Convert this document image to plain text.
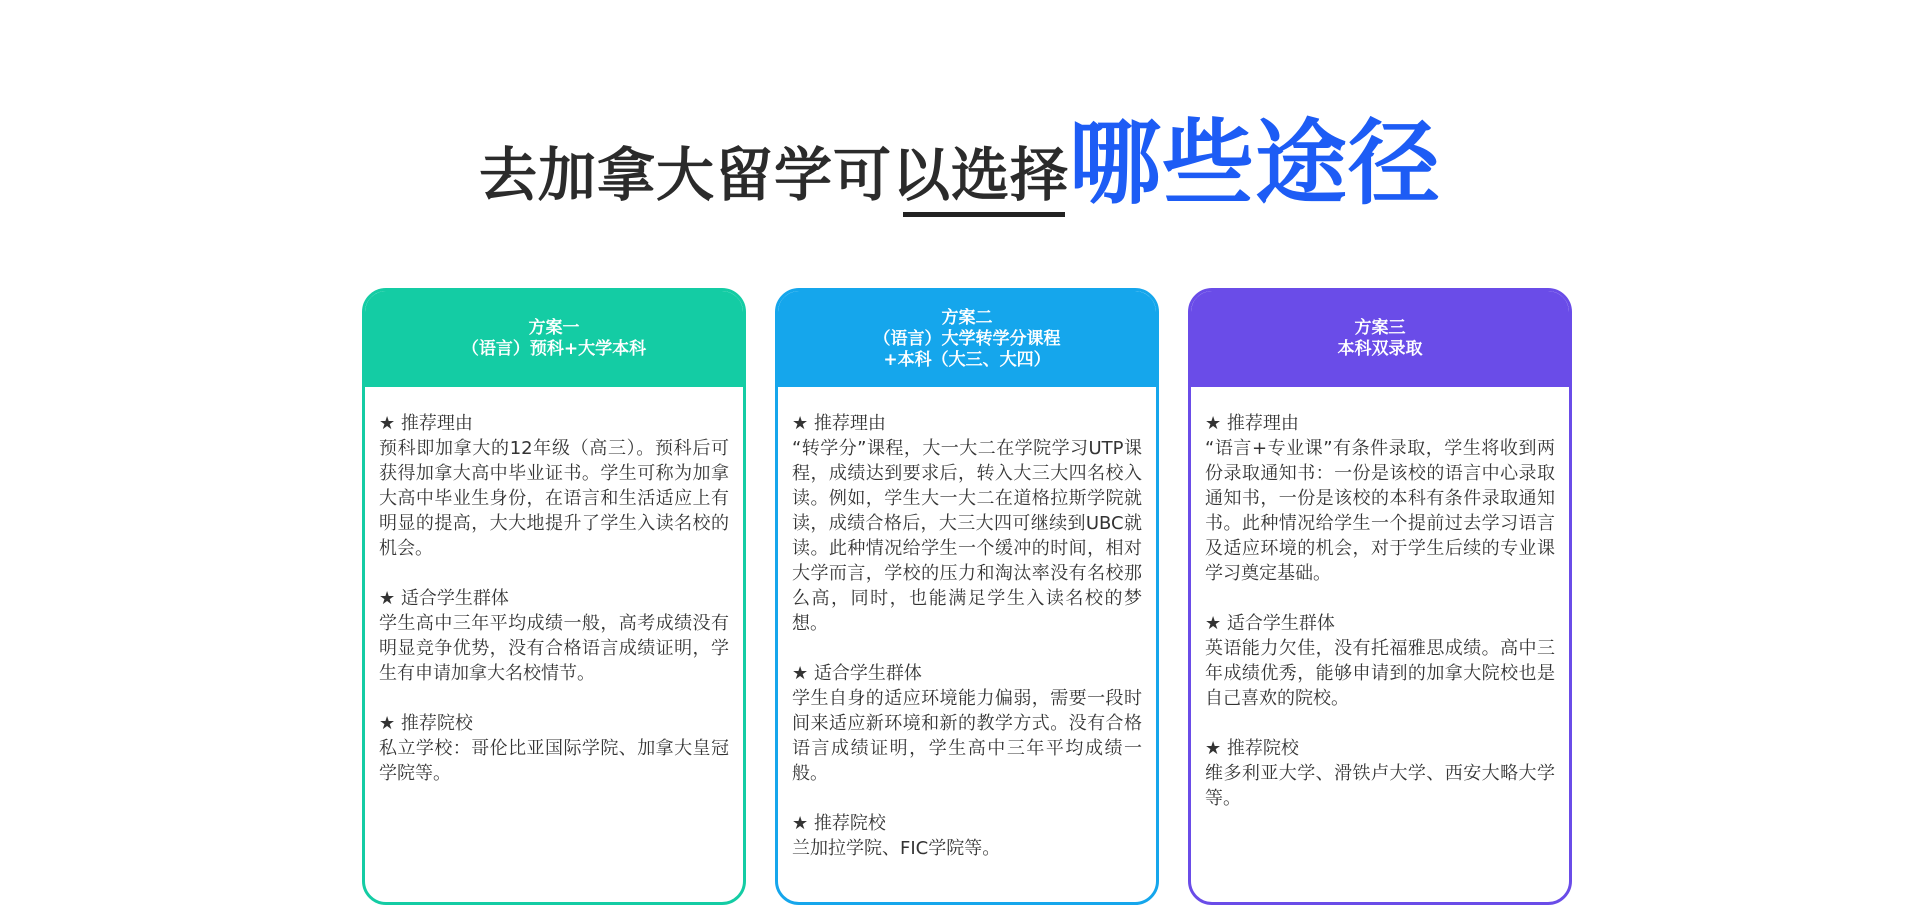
去加拿大留学可以选择哪些途径
方案一
（语言）预科+大学本科
★ 推荐理由
预科即加拿大的12年级（高三）。预科后可获得加拿大高中毕业证书。学生可称为加拿大高中毕业生身份，在语言和生活适应上有明显的提高，大大地提升了学生入读名校的机会。
★ 适合学生群体
学生高中三年平均成绩一般，高考成绩没有明显竞争优势，没有合格语言成绩证明，学生有申请加拿大名校情节。
★ 推荐院校
私立学校：哥伦比亚国际学院、加拿大皇冠学院等。
方案二
（语言）大学转学分课程
+本科（大三、大四）
★ 推荐理由
“转学分”课程，大一大二在学院学习UTP课程，成绩达到要求后，转入大三大四名校入读。例如，学生大一大二在道格拉斯学院就读，成绩合格后，大三大四可继续到UBC就读。此种情况给学生一个缓冲的时间，相对大学而言，学校的压力和淘汰率没有名校那么高，同时，也能满足学生入读名校的梦想。
★ 适合学生群体
学生自身的适应环境能力偏弱，需要一段时间来适应新环境和新的教学方式。没有合格语言成绩证明，学生高中三年平均成绩一般。
★ 推荐院校
兰加拉学院、FIC学院等。
方案三
本科双录取
★ 推荐理由
“语言+专业课”有条件录取，学生将收到两份录取通知书：一份是该校的语言中心录取通知书，一份是该校的本科有条件录取通知书。此种情况给学生一个提前过去学习语言及适应环境的机会，对于学生后续的专业课学习奠定基础。
★ 适合学生群体
英语能力欠佳，没有托福雅思成绩。高中三年成绩优秀，能够申请到的加拿大院校也是自己喜欢的院校。
★ 推荐院校
维多利亚大学、滑铁卢大学、西安大略大学等。
